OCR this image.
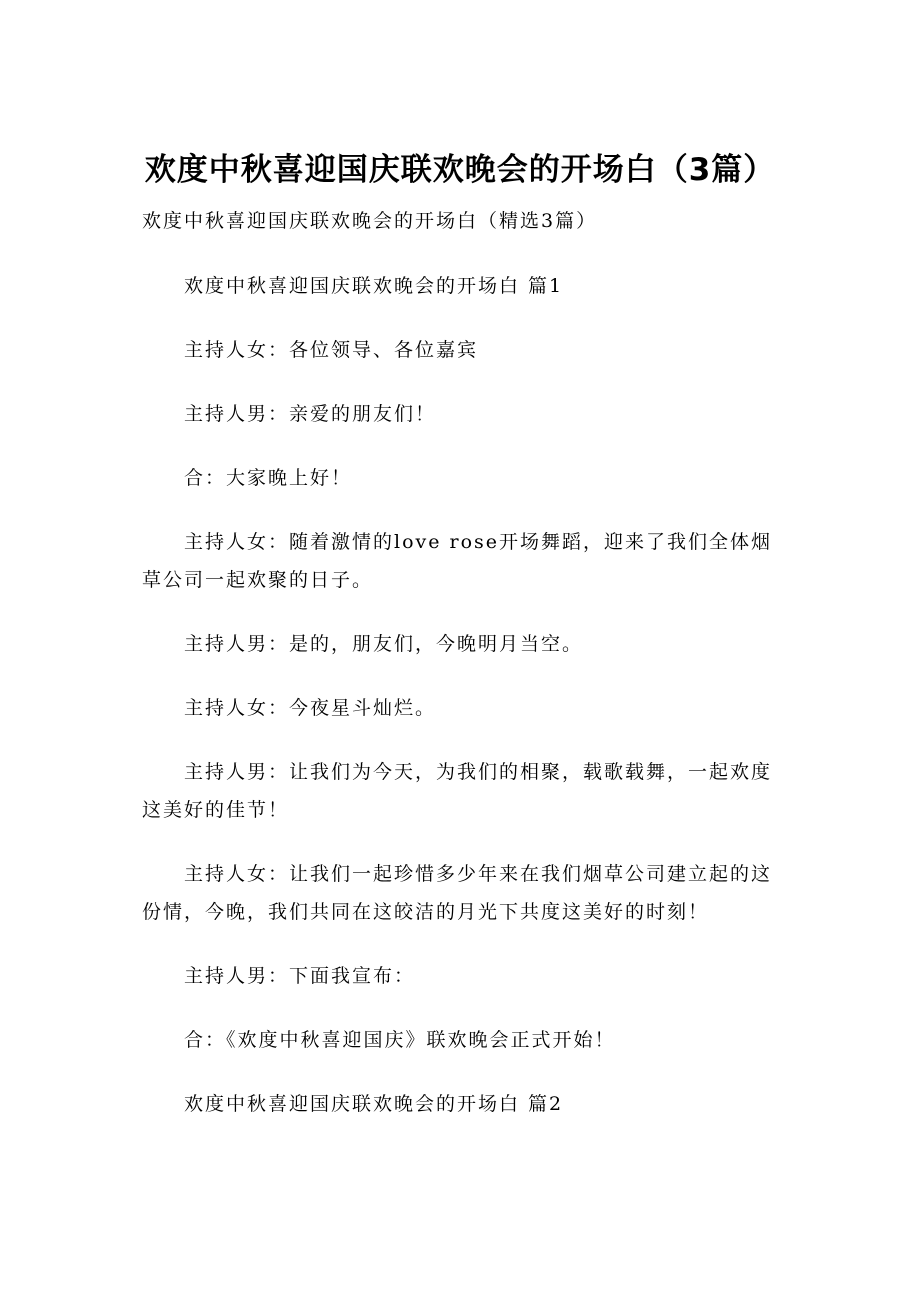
欢度中秋喜迎国庆联欢晚会的开场白（3篇）

欢度中秋喜迎国庆联欢晚会的开场白（精选3篇）

欢度中秋喜迎国庆联欢晚会的开场白 篇1

主持人女：各位领导、各位嘉宾

主持人男：亲爱的朋友们！

合：大家晚上好！

主持人女：随着激情的love rose开场舞蹈，迎来了我们全体烟草公司一起欢聚的日子。

主持人男：是的，朋友们，今晚明月当空。

主持人女：今夜星斗灿烂。

主持人男：让我们为今天，为我们的相聚，载歌载舞，一起欢度这美好的佳节！

主持人女：让我们一起珍惜多少年来在我们烟草公司建立起的这份情，今晚，我们共同在这皎洁的月光下共度这美好的时刻！

主持人男：下面我宣布：

合：《欢度中秋喜迎国庆》联欢晚会正式开始！

欢度中秋喜迎国庆联欢晚会的开场白 篇2
